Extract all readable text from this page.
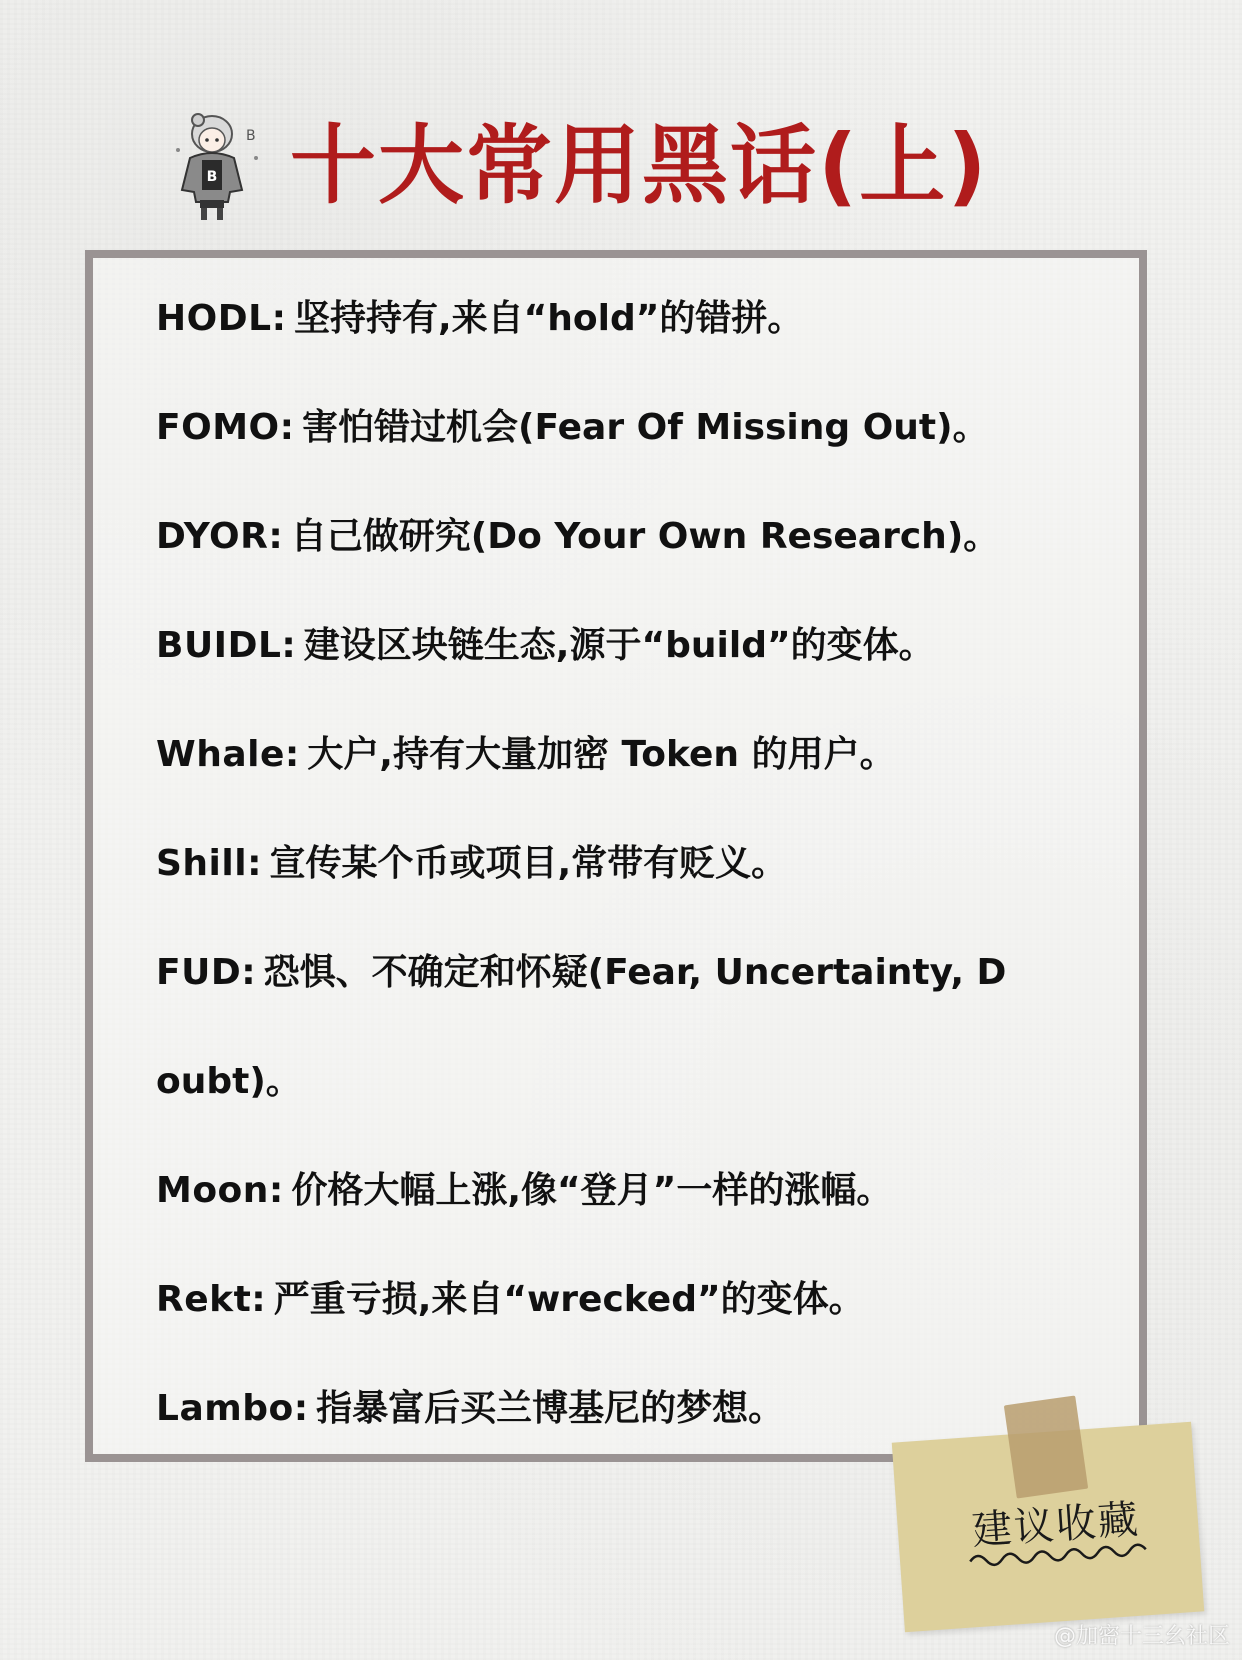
B
B 十大常用黑话(上)
HODL: 坚持持有,来自“hold”的错拼。
FOMO: 害怕错过机会(Fear Of Missing Out)。
DYOR: 自己做研究(Do Your Own Research)。
BUIDL: 建设区块链生态,源于“build”的变体。
Whale: 大户,持有大量加密 Token 的用户。
Shill: 宣传某个币或项目,常带有贬义。
FUD: 恐惧、不确定和怀疑(Fear, Uncertainty, D
oubt)。
Moon: 价格大幅上涨,像“登月”一样的涨幅。
Rekt: 严重亏损,来自“wrecked”的变体。
Lambo: 指暴富后买兰博基尼的梦想。
建议收藏
@加密十三幺社区
